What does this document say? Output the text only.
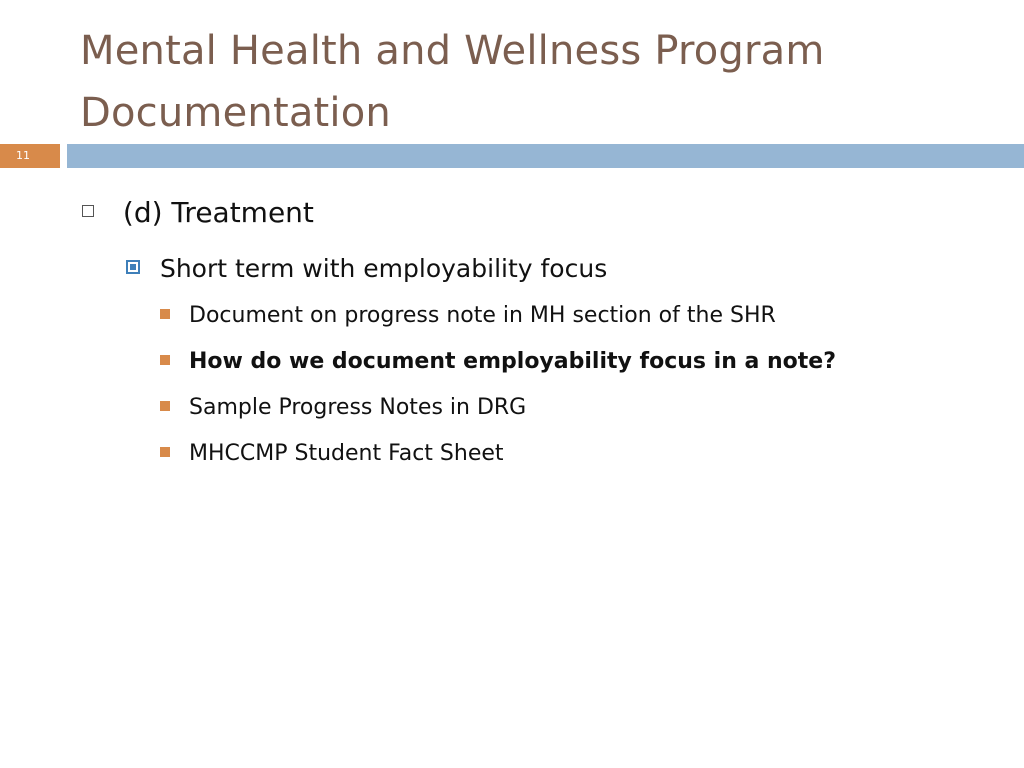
Mental Health and Wellness Program
Documentation
11
(d) Treatment
Short term with employability focus
Document on progress note in MH section of the SHR
How do we document employability focus in a note?
Sample Progress Notes in DRG
MHCCMP Student Fact Sheet
